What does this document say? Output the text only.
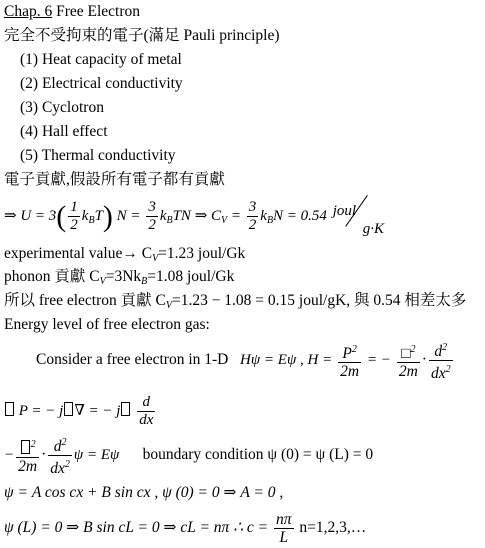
Chap. 6 Free Electron
完全不受拘束的電子(滿足 Pauli principle)
(1) Heat capacity of metal
(2) Electrical conductivity
(3) Cyclotron
(4) Hall effect
(5) Thermal conductivity
電子貢獻,假設所有電子都有貢獻
⇒ $U = 3( \frac{1}{2} k_BT)$ $N = \frac{3}{2} k_BTN$ ⇒ $C_V = \frac{3}{2} k_BN = 0.54$ joul
g·K
experimental value→ $C_V=1.23$ joul/Gk
phonon 貢獻 $C_V=3Nk_B=1.08$ joul/Gk
所以 free electron 貢獻 $C_V=1.23 - 1.08 = 0.15$ joul/gK, 與 0.54 相差太多
Energy level of free electron gas:
Consider a free electron in 1-D Hψ = Eψ , $H = \frac{P^2}{2m}$ = − $\frac{□^2}{2m} \cdot \frac{d^2}{dx^2}$
P = − j ∇ = − j $\frac{d}{dx}$
− $\frac{^2}{2m} \cdot \frac{d^2}{dx^2}$ ψ = Eψ boundary condition ψ (0) = ψ (L) = 0
ψ = A cos cx + B sin cx , ψ (0) = 0 ⇒ A = 0 ,
ψ (L) = 0 ⇒ B sin cL = 0 ⇒ cL = nπ ∴ $c = \frac{n\pi}{L}$ n=1,2,3,…
